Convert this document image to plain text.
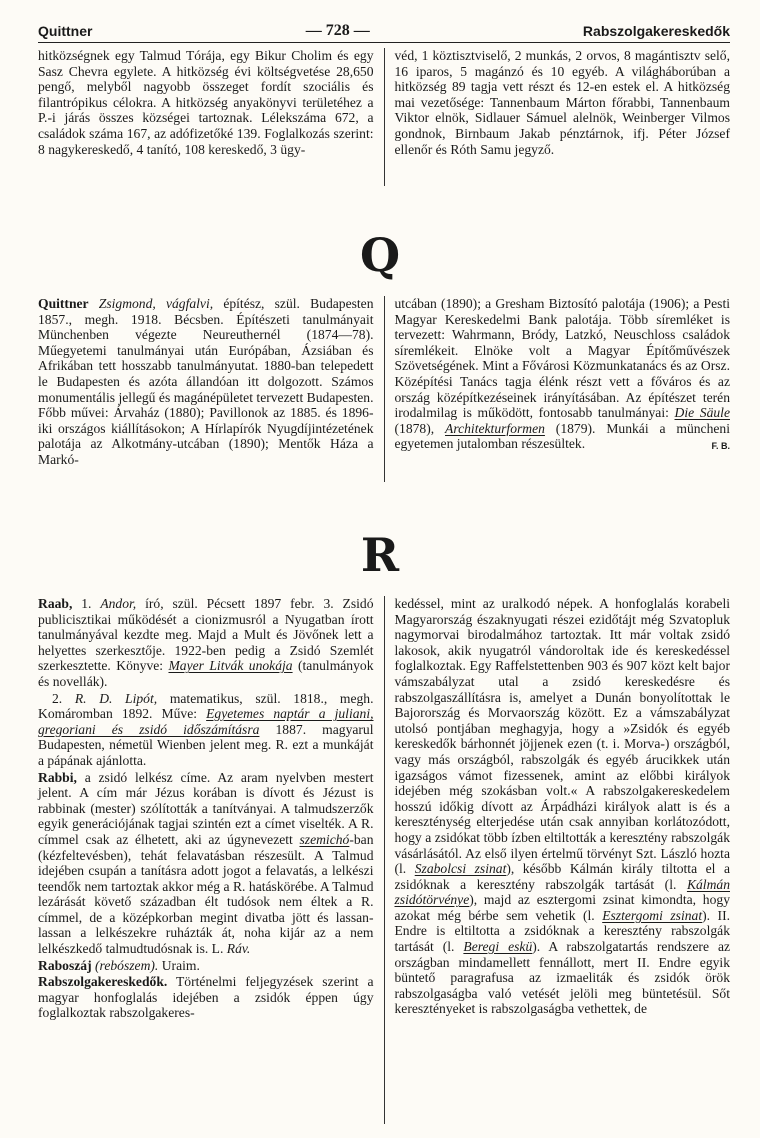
Quittner	— 728 —	Rabszolgakereskedők

hitközségnek egy Talmud Tórája, egy Bikur Cholim és egy Sasz Chevra egylete. A hitközség évi költségvetése 28,650 pengő, melyből nagyobb összeget fordít szociális és filantrópikus célokra. A hitközség anyakönyvi területéhez a P.-i járás összes községei tartoznak. Lélekszáma 672, a családok száma 167, az adófizetőké 139. Foglalkozás szerint: 8 nagykereskedő, 4 tanító, 108 kereskedő, 3 ügy-

véd, 1 köztisztviselő, 2 munkás, 2 orvos, 8 magántisztv selő, 16 iparos, 5 magánzó és 10 egyéb. A világháborúban a hitközség 89 tagja vett részt és 12-en estek el. A hitközség mai vezetősége: Tannenbaum Márton főrabbi, Tannenbaum Viktor elnök, Sidlauer Sámuel alelnök, Weinberger Vilmos gondnok, Birnbaum Jakab pénztárnok, ifj. Péter József ellenőr és Róth Samu jegyző.

Q

Quittner Zsigmond, vágfalvi, építész, szül. Budapesten 1857., megh. 1918. Bécsben. Építészeti tanulmányait Münchenben végezte Neureuthernél (1874—78). Műegyetemi tanulmányai után Európában, Ázsiában és Afrikában tett hosszabb tanulmányutat. 1880-ban telepedett le Budapesten és azóta állandóan itt dolgozott. Számos monumentális jellegű és magánépületet tervezett Budapesten. Főbb művei: Árvaház (1880); Pavillonok az 1885. és 1896-iki országos kiállításokon; A Hírlapírók Nyugdíjintézetének palotája az Alkotmány-utcában (1890); Mentők Háza a Markó-

utcában (1890); a Gresham Biztosító palotája (1906); a Pesti Magyar Kereskedelmi Bank palotája. Több síremléket is tervezett: Wahrmann, Bródy, Latzkó, Neuschloss családok síremlékeit. Elnöke volt a Magyar Építőművészek Szövetségének. Mint a Fővárosi Közmunkatanács és az Orsz. Középítési Tanács tagja élénk részt vett a főváros és az ország középítkezéseinek irányításában. Az építészet terén irodalmilag is működött, fontosabb tanulmányai: Die Säule (1878), Architekturformen (1879). Munkái a müncheni egyetemen jutalomban részesültek.	F. B.

R

Raab, 1. Andor, író, szül. Pécsett 1897 febr. 3. Zsidó publicisztikai működését a cionizmusról a Nyugatban írott tanulmányával kezdte meg. Majd a Mult és Jövőnek lett a helyettes szerkesztője. 1922-ben pedig a Zsidó Szemlét szerkesztette. Könyve: Mayer Litvák unokája (tanulmányok és novellák).

2. R. D. Lipót, matematikus, szül. 1818., megh. Komáromban 1892. Műve: Egyetemes naptár a juliani, gregoriani és zsidó időszámításra 1887. magyarul Budapesten, németül Wienben jelent meg. R. ezt a munkáját a pápának ajánlotta.

Rabbi, a zsidó lelkész címe. Az aram nyelvben mestert jelent. A cím már Jézus korában is dívott és Jézust is rabbinak (mester) szólították a tanítványai. A talmudszerzők egyik generációjának tagjai szintén ezt a címet viselték. A R. címmel csak az élhetett, aki az úgynevezett szemichó-ban (kézfeltevésben), tehát felavatásban részesült. A Talmud idejében csupán a tanításra adott jogot a felavatás, a lelkészi teendők nem tartoztak akkor még a R. hatáskörébe. A Talmud lezárását követő században élt tudósok nem éltek a R. címmel, de a középkorban megint divatba jött és lassan-lassan a lelkészekre ruházták át, noha kijár az a nem lelkészkedő talmudtudósnak is. L. Ráv.

Raboszáj (rebószem). Uraim.

Rabszolgakereskedők. Történelmi feljegyzések szerint a magyar honfoglalás idejében a zsidók éppen úgy foglalkoztak rabszolgakeres-

kedéssel, mint az uralkodó népek. A honfoglalás korabeli Magyarország északnyugati részei ezidőtájt még Szvatopluk nagymorvai birodalmához tartoztak. Itt már voltak zsidó lakosok, akik nyugatról vándoroltak ide és kereskedéssel foglalkoztak. Egy Raffelstettenben 903 és 907 közt kelt bajor vámszabályzat utal a zsidó kereskedésre és rabszolgaszállításra is, amelyet a Dunán bonyolítottak le Bajorország és Morvaország között. Ez a vámszabályzat utolsó pontjában meghagyja, hogy a »Zsidók és egyéb kereskedők bárhonnét jöjjenek ezen (t. i. Morva-) országból, vagy más országból, rabszolgák és egyéb árucikkek után igazságos vámot fizessenek, amint az előbbi királyok idejében még szokásban volt.« A rabszolgakereskedelem hosszú időkig dívott az Árpádházi királyok alatt is és a kereszténység elterjedése után csak annyiban korlátozódott, hogy a zsidókat több ízben eltiltották a keresztény rabszolgák vásárlásától. Az első ilyen értelmű törvényt Szt. László hozta (l. Szabolcsi zsinat), később Kálmán király tiltotta el a zsidóknak a keresztény rabszolgák tartását (l. Kálmán zsidótörvénye), majd az esztergomi zsinat kimondta, hogy azokat még bérbe sem vehetik (l. Esztergomi zsinat). II. Endre is eltiltotta a zsidóknak a keresztény rabszolgák tartását (l. Beregi eskü). A rabszolgatartás rendszere az országban mindamellett fennállott, mert II. Endre egyik büntető paragrafusa az izmaeliták és zsidók örök rabszolgaságba való vetését jelöli meg büntetésül. Sőt keresztényeket is rabszolgaságba vethettek, de
